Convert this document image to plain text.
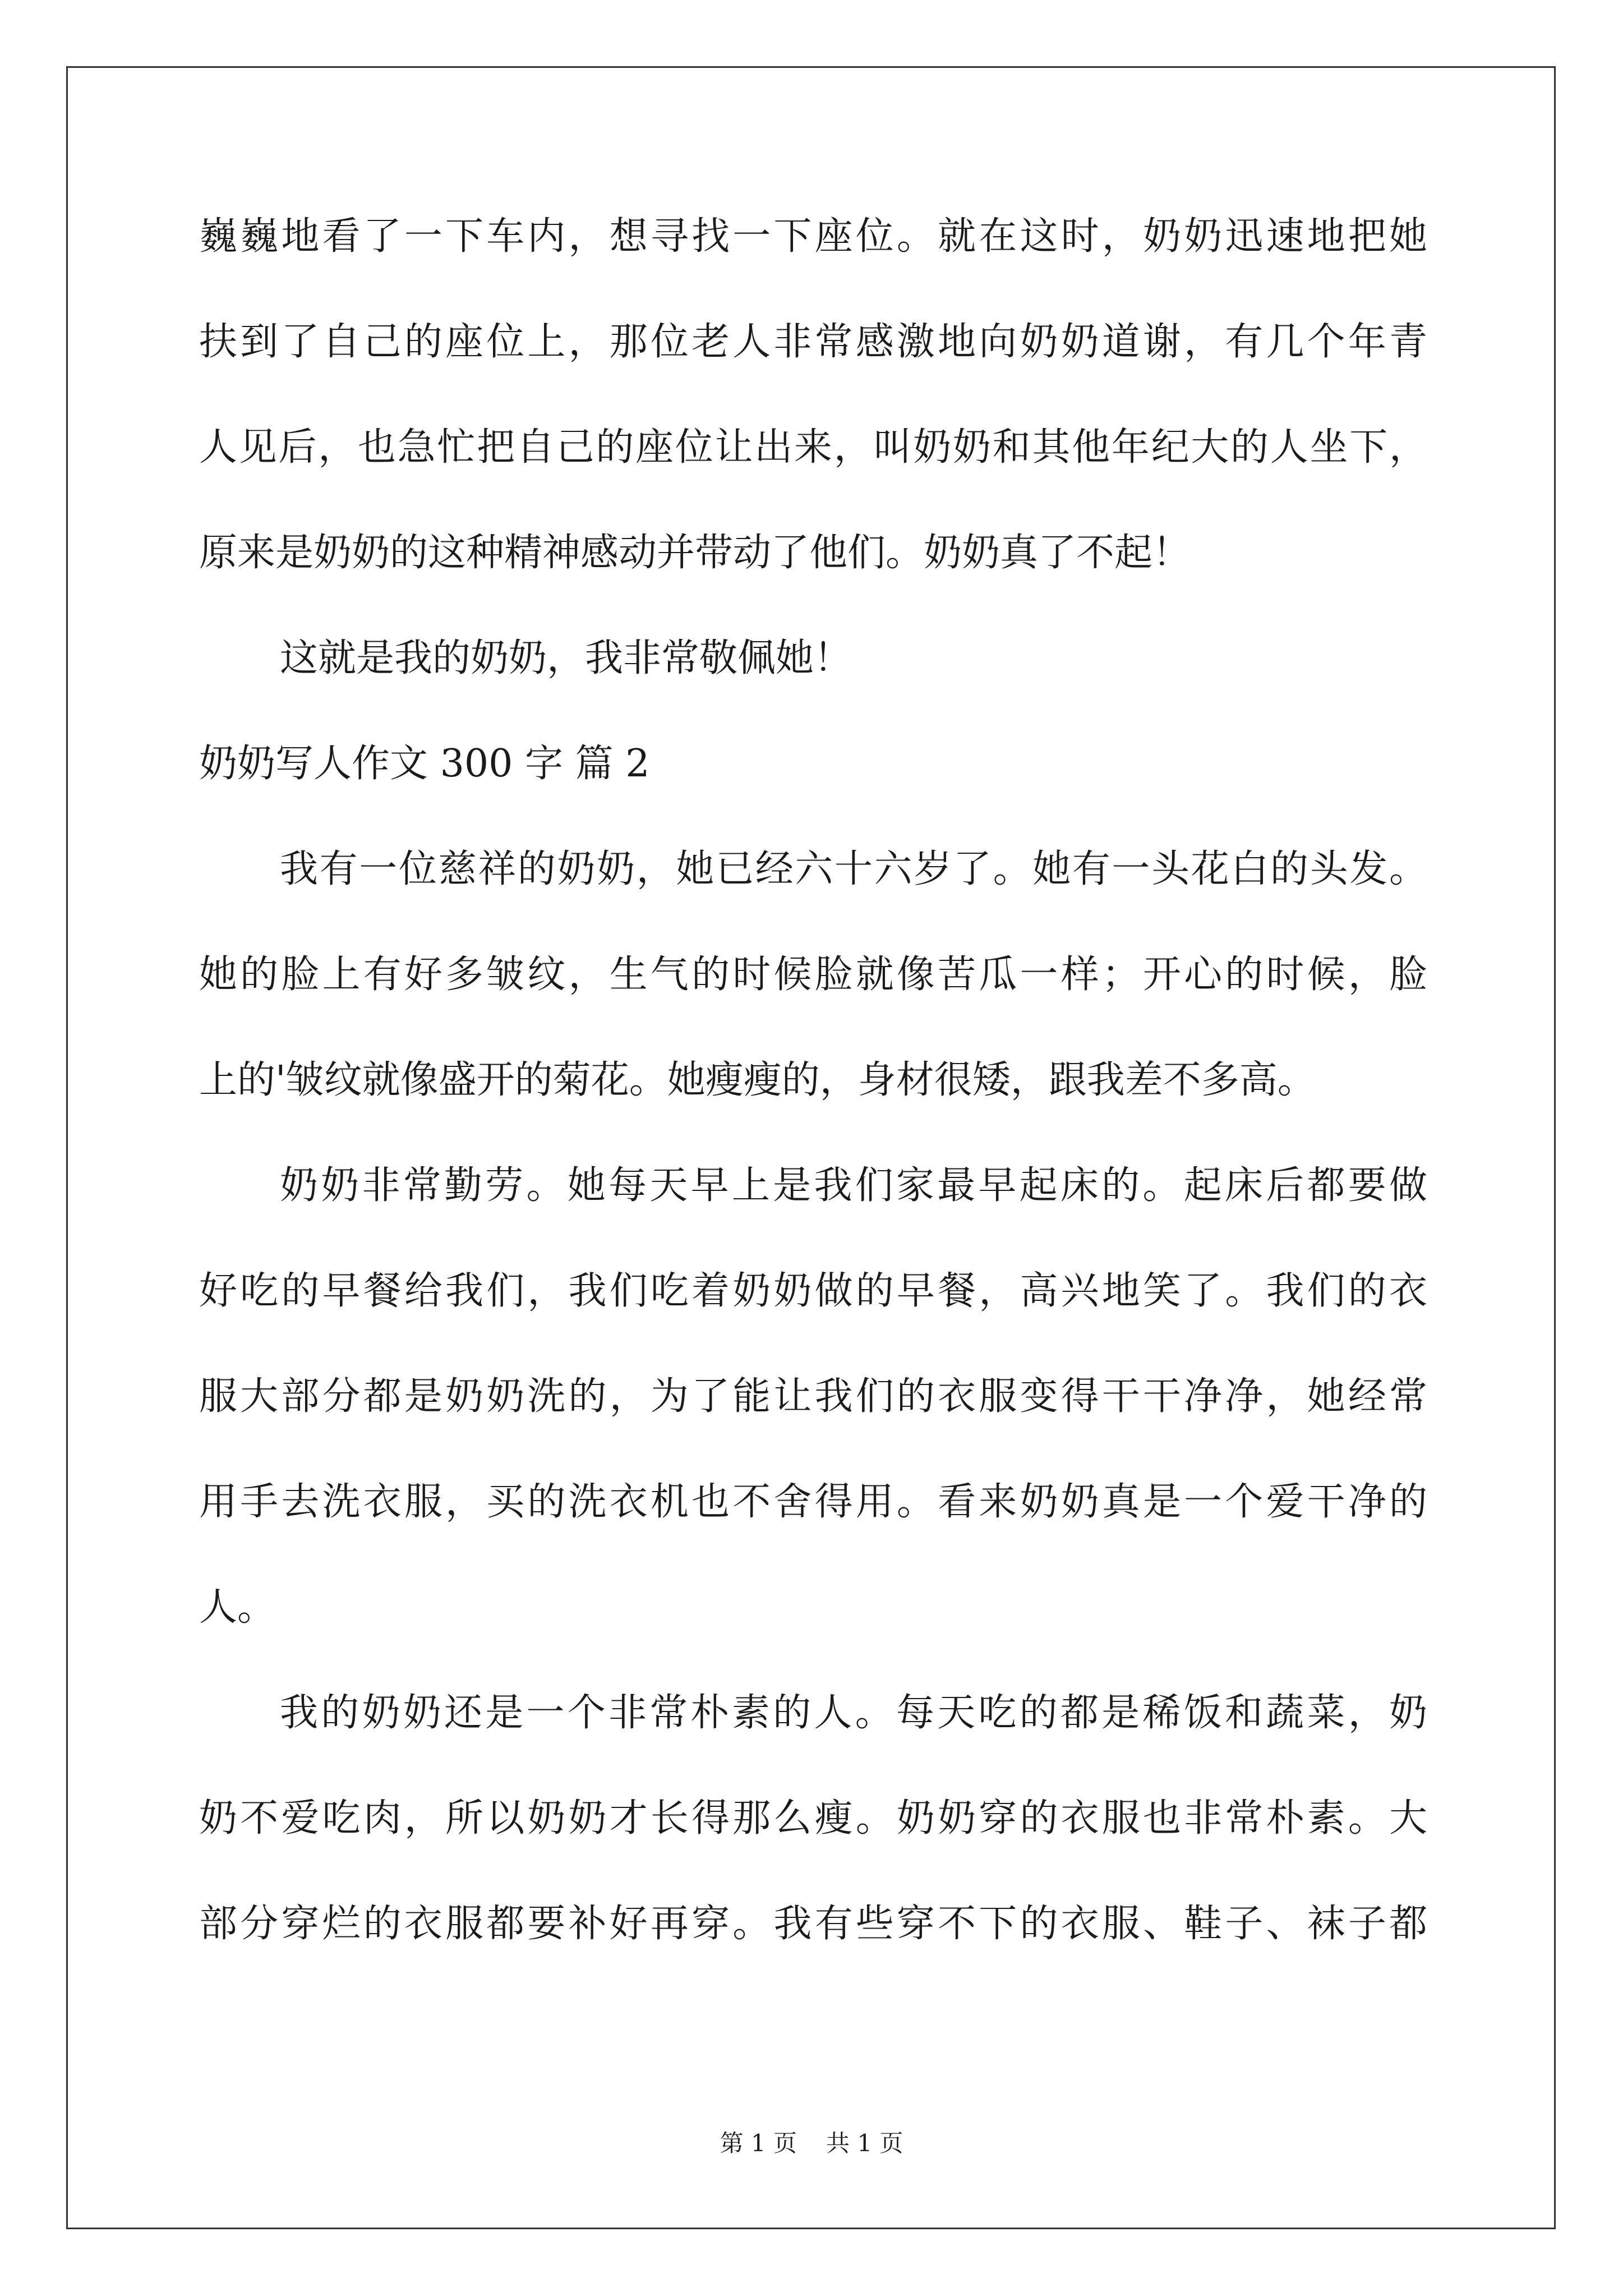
巍巍地看了一下车内，想寻找一下座位。就在这时，奶奶迅速地把她
扶到了自己的座位上，那位老人非常感激地向奶奶道谢，有几个年青
人见后，也急忙把自己的座位让出来，叫奶奶和其他年纪大的人坐下，
原来是奶奶的这种精神感动并带动了他们。奶奶真了不起！
这就是我的奶奶，我非常敬佩她！
奶奶写人作文 300 字 篇 2
我有一位慈祥的奶奶，她已经六十六岁了。她有一头花白的头发。
她的脸上有好多皱纹，生气的时候脸就像苦瓜一样；开心的时候，脸
上的'皱纹就像盛开的菊花。她瘦瘦的，身材很矮，跟我差不多高。
奶奶非常勤劳。她每天早上是我们家最早起床的。起床后都要做
好吃的早餐给我们，我们吃着奶奶做的早餐，高兴地笑了。我们的衣
服大部分都是奶奶洗的，为了能让我们的衣服变得干干净净，她经常
用手去洗衣服，买的洗衣机也不舍得用。看来奶奶真是一个爱干净的
人。
我的奶奶还是一个非常朴素的人。每天吃的都是稀饭和蔬菜，奶
奶不爱吃肉，所以奶奶才长得那么瘦。奶奶穿的衣服也非常朴素。大
部分穿烂的衣服都要补好再穿。我有些穿不下的衣服、鞋子、袜子都
第 1 页 共 1 页
